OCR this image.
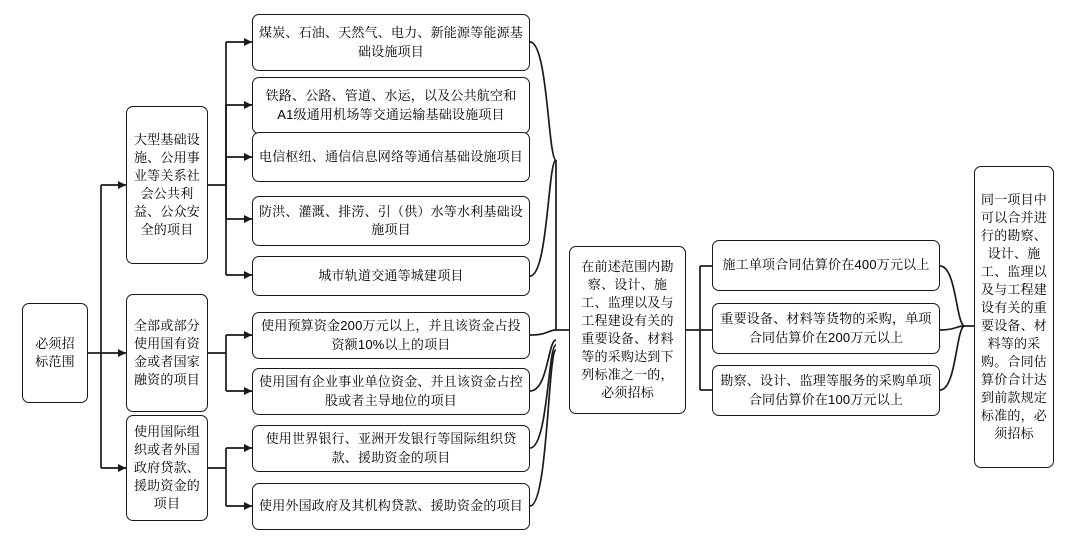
必须招标范围
大型基础设施、公用事业等关系社会公共利益、公众安全的项目
全部或部分使用国有资金或者国家融资的项目
使用国际组织或者外国政府贷款、援助资金的项目
煤炭、石油、天然气、电力、新能源等能源基础设施项目
铁路、公路、管道、水运，以及公共航空和A1级通用机场等交通运输基础设施项目
电信枢纽、通信信息网络等通信基础设施项目
防洪、灌溉、排涝、引（供）水等水利基础设施项目
城市轨道交通等城建项目
使用预算资金200万元以上，并且该资金占投资额10%以上的项目
使用国有企业事业单位资金、并且该资金占控股或者主导地位的项目
使用世界银行、亚洲开发银行等国际组织贷款、援助资金的项目
使用外国政府及其机构贷款、援助资金的项目
在前述范围内勘察、设计、施工、监理以及与工程建设有关的重要设备、材料等的采购达到下列标准之一的，必须招标
施工单项合同估算价在400万元以上
重要设备、材料等货物的采购，单项合同估算价在200万元以上
勘察、设计、监理等服务的采购单项合同估算价在100万元以上
同一项目中可以合并进行的勘察、设计、施工、监理以及与工程建设有关的重要设备、材料等的采购。合同估算价合计达到前款规定标准的，必须招标
